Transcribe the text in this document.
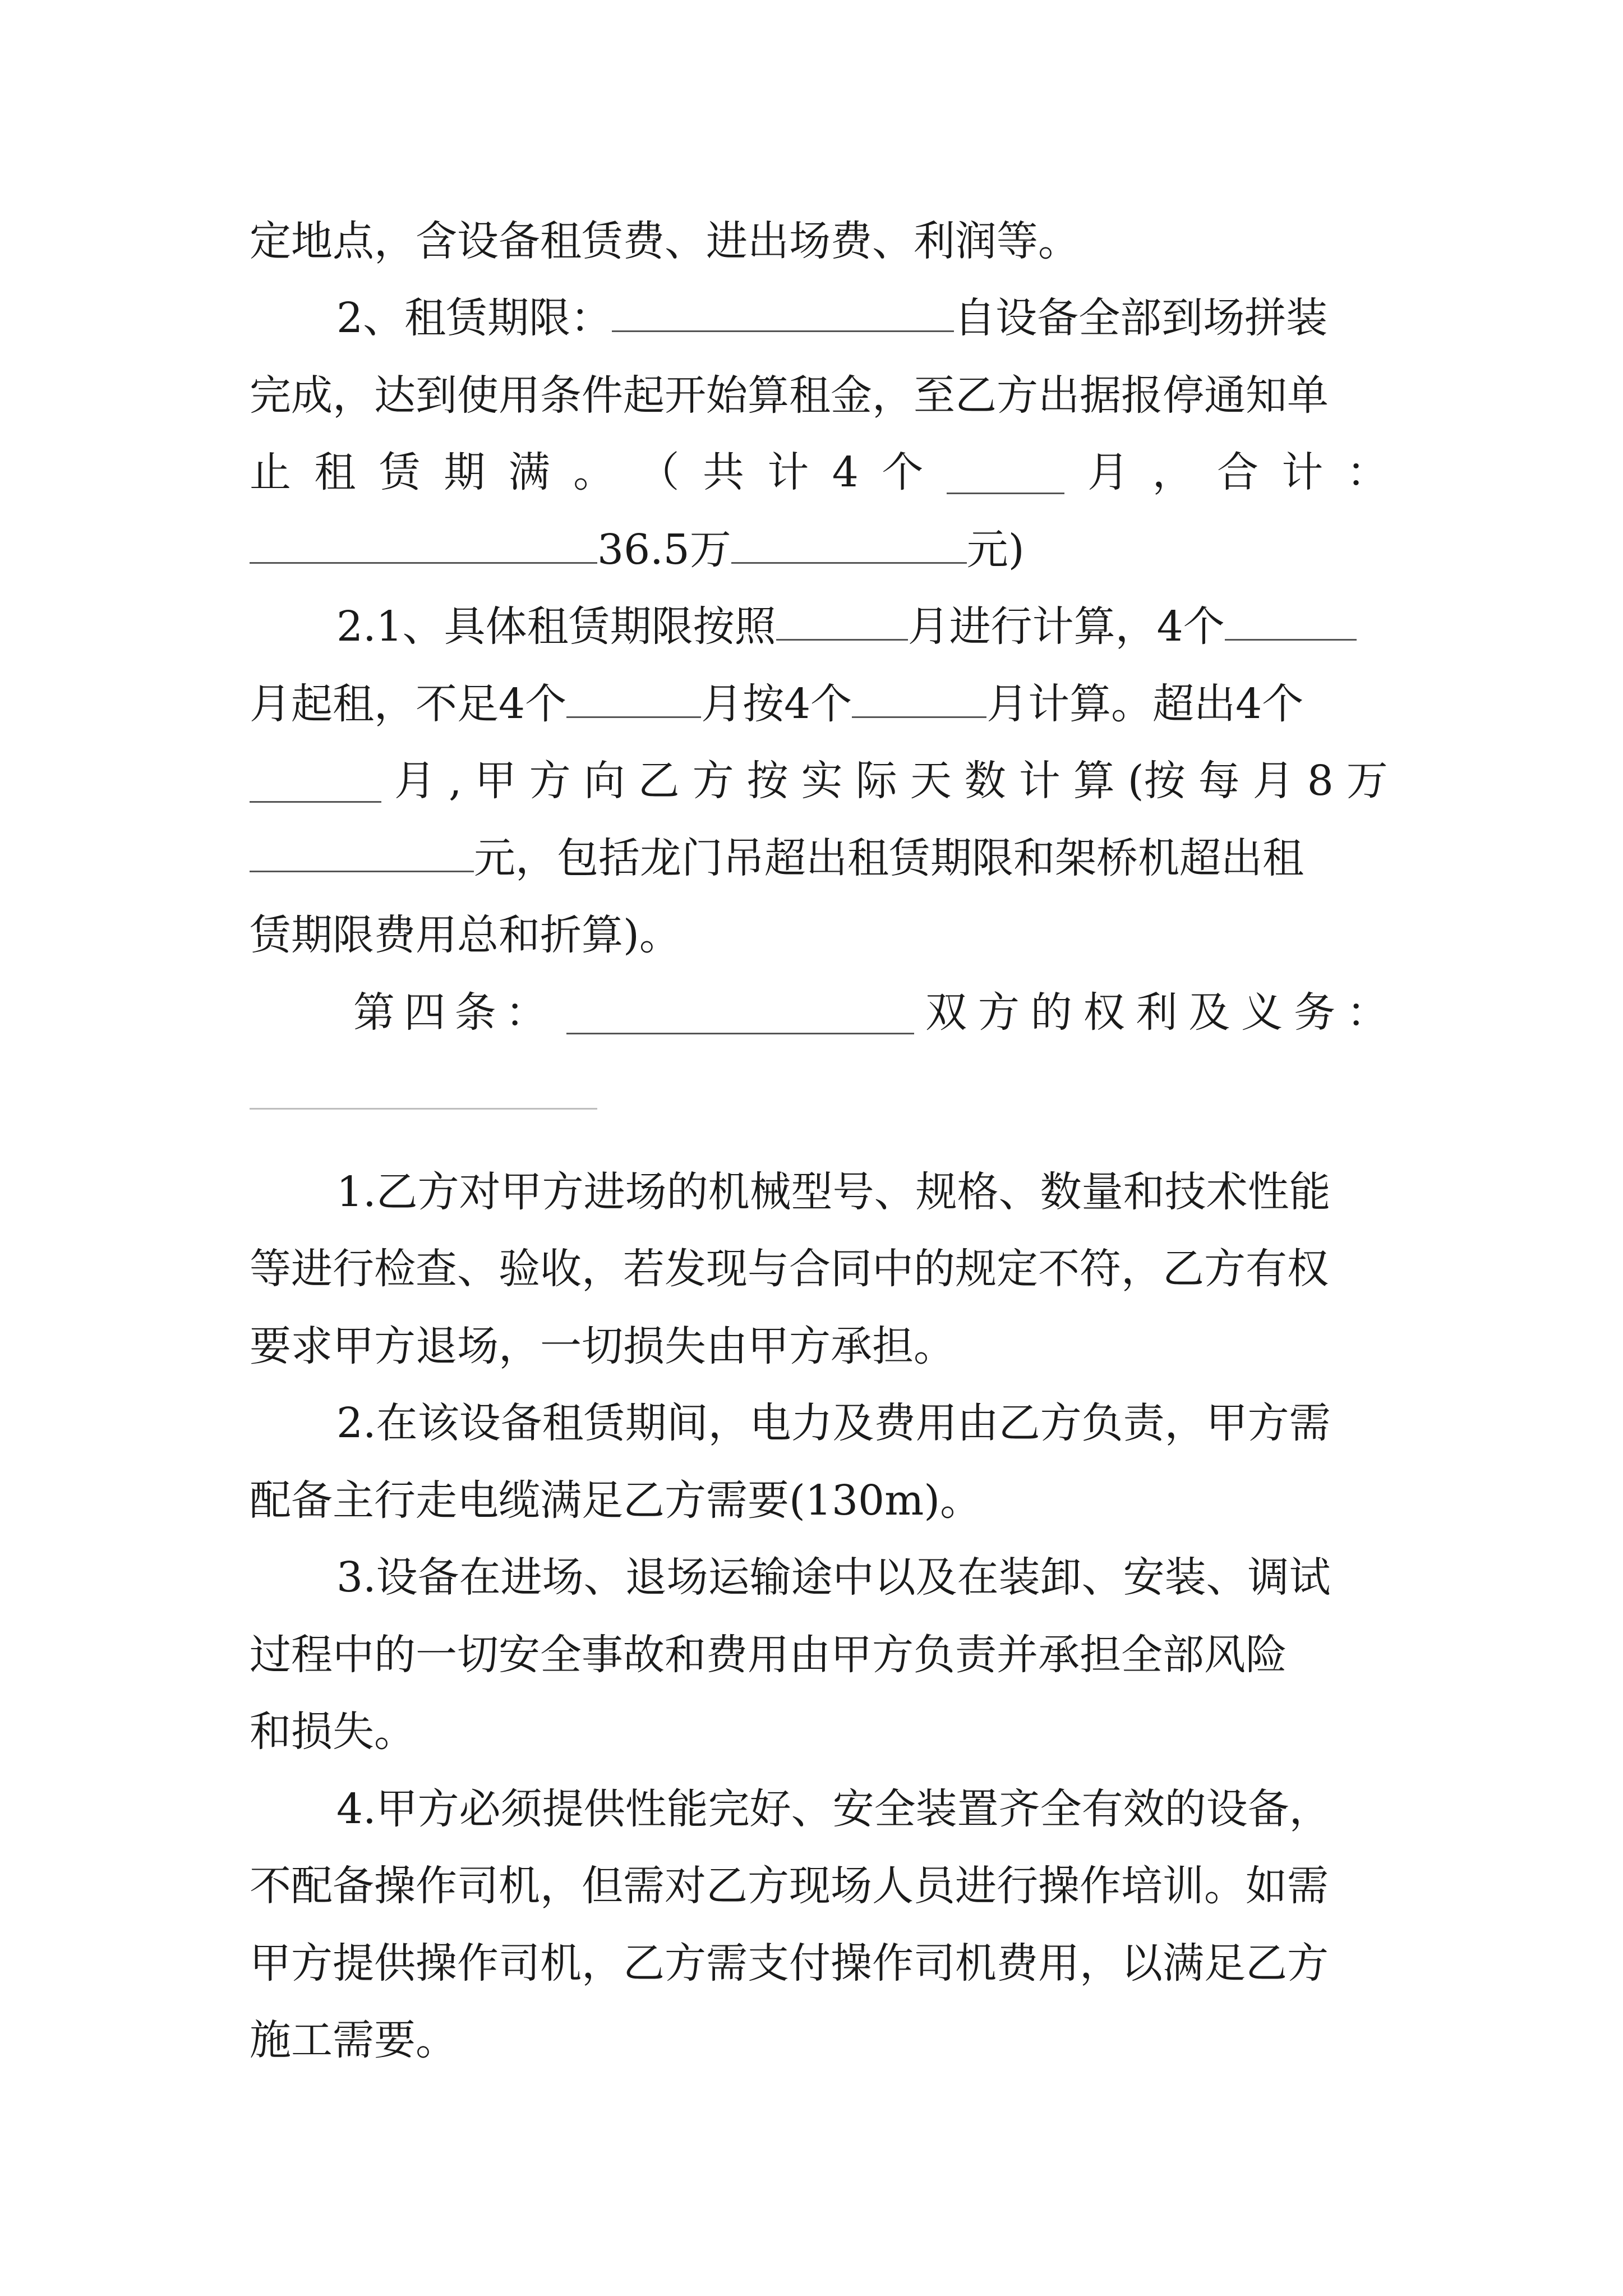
定地点，含设备租赁费、进出场费、利润等。
2、租赁期限：	自设备全部到场拼装
完成，达到使用条件起开始算租金，至乙方出据报停通知单
止 租 赁 期 满 。 （ 共 计 4 个	月 ， 合 计 ：
36.5万	元)
2.1、具体租赁期限按照	月进行计算，4个
月起租，不足4个	月按4个	月计算。超出4个
月 , 甲 方 向 乙 方 按 实 际 天 数 计 算 (按 每 月 8 万
元，包括龙门吊超出租赁期限和架桥机超出租
赁期限费用总和折算)。
第 四 条 ：	双 方 的 权 利 及 义 务 ：
1.乙方对甲方进场的机械型号、规格、数量和技术性能
等进行检查、验收，若发现与合同中的规定不符，乙方有权
要求甲方退场，一切损失由甲方承担。
2.在该设备租赁期间，电力及费用由乙方负责，甲方需
配备主行走电缆满足乙方需要(130m)。
3.设备在进场、退场运输途中以及在装卸、安装、调试
过程中的一切安全事故和费用由甲方负责并承担全部风险
和损失。
4.甲方必须提供性能完好、安全装置齐全有效的设备，
不配备操作司机，但需对乙方现场人员进行操作培训。如需
甲方提供操作司机，乙方需支付操作司机费用，以满足乙方
施工需要。
